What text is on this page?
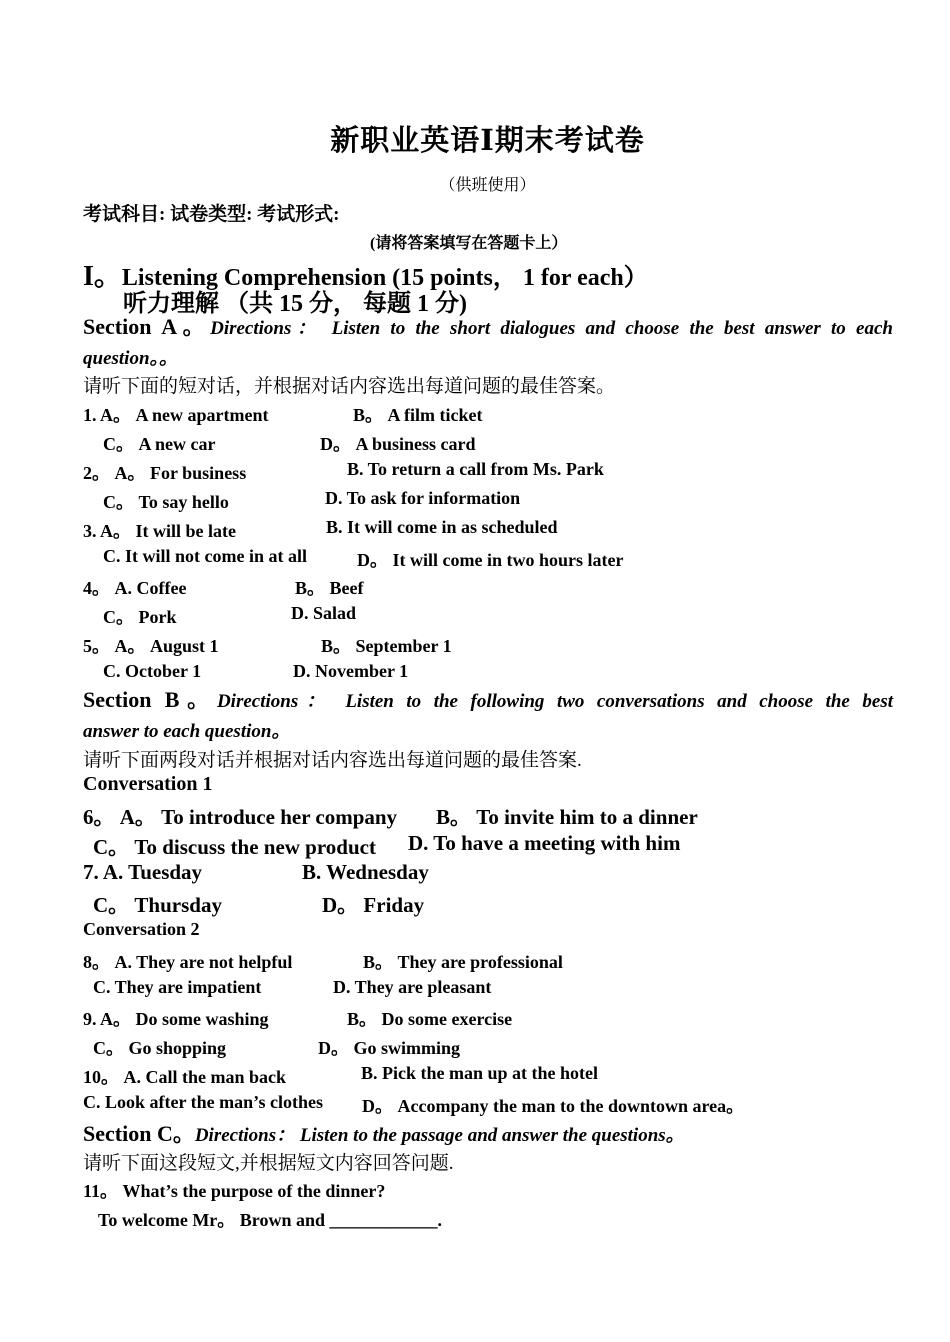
新职业英语Ⅰ期末考试卷
（供班使用）
考试科目: 试卷类型: 考试形式:
(请将答案填写在答题卡上）
I。Listening Comprehension (15 points， 1 for each）
听力理解 （共 15 分， 每题 1 分)
Section A。Directions： Listen to the short dialogues and choose the best answer to each
question。。
请听下面的短对话，并根据对话内容选出每道问题的最佳答案。
1. A。 A new apartment	B。 A film ticket
C。 A new car	D。 A business card
2。 A。 For business	B. To return a call from Ms. Park
C。 To say hello	D. To ask for information
3. A。 It will be late	B. It will come in as scheduled
C. It will not come in at all	D。 It will come in two hours later
4。 A. Coffee	B。 Beef
C。 Pork	D. Salad
5。 A。 August 1	B。 September 1
C. October 1	D. November 1
Section B。Directions： Listen to the following two conversations and choose the best
answer to each question。
请听下面两段对话并根据对话内容选出每道问题的最佳答案.
Conversation 1
6。 A。 To introduce her company B。 To invite him to a dinner
C。 To discuss the new product D. To have a meeting with him
7. A. Tuesday	B. Wednesday
C。 Thursday	D。 Friday
Conversation 2
8。 A. They are not helpful	B。 They are professional
C. They are impatient	D. They are pleasant
9. A。 Do some washing	B。 Do some exercise
C。 Go shopping	D。 Go swimming
10。 A. Call the man back	B. Pick the man up at the hotel
C. Look after the man’s clothes D。 Accompany the man to the downtown area。
Section C。Directions： Listen to the passage and answer the questions。
请听下面这段短文,并根据短文内容回答问题.
11。 What’s the purpose of the dinner?
To welcome Mr。 Brown and ____________.
